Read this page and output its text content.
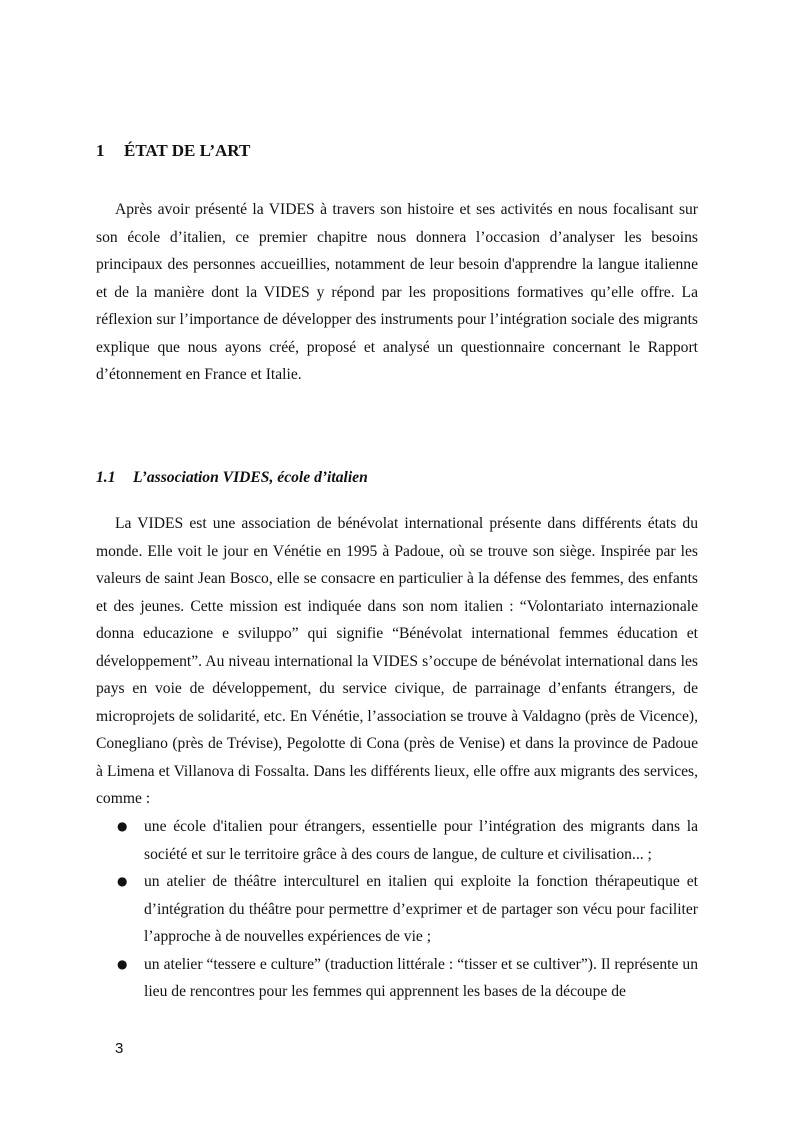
1 ÉTAT DE L’ART

Après avoir présenté la VIDES à travers son histoire et ses activités en nous focalisant sur son école d’italien, ce premier chapitre nous donnera l’occasion d’analyser les besoins principaux des personnes accueillies, notamment de leur besoin d'apprendre la langue italienne et de la manière dont la VIDES y répond par les propositions formatives qu’elle offre. La réflexion sur l’importance de développer des instruments pour l’intégration sociale des migrants explique que nous ayons créé, proposé et analysé un questionnaire concernant le Rapport d’étonnement en France et Italie.

1.1 L’association VIDES, école d’italien

La VIDES est une association de bénévolat international présente dans différents états du monde. Elle voit le jour en Vénétie en 1995 à Padoue, où se trouve son siège. Inspirée par les valeurs de saint Jean Bosco, elle se consacre en particulier à la défense des femmes, des enfants et des jeunes. Cette mission est indiquée dans son nom italien : “Volontariato internazionale donna educazione e sviluppo” qui signifie “Bénévolat international femmes éducation et développement”. Au niveau international la VIDES s’occupe de bénévolat international dans les pays en voie de développement, du service civique, de parrainage d’enfants étrangers, de microprojets de solidarité, etc. En Vénétie, l’association se trouve à Valdagno (près de Vicence), Conegliano (près de Trévise), Pegolotte di Cona (près de Venise) et dans la province de Padoue à Limena et Villanova di Fossalta. Dans les différents lieux, elle offre aux migrants des services, comme :

● une école d'italien pour étrangers, essentielle pour l’intégration des migrants dans la société et sur le territoire grâce à des cours de langue, de culture et civilisation... ;
● un atelier de théâtre interculturel en italien qui exploite la fonction thérapeutique et d’intégration du théâtre pour permettre d’exprimer et de partager son vécu pour faciliter l’approche à de nouvelles expériences de vie ;
● un atelier “tessere e culture” (traduction littérale : “tisser et se cultiver”). Il représente un lieu de rencontres pour les femmes qui apprennent les bases de la découpe de

3
